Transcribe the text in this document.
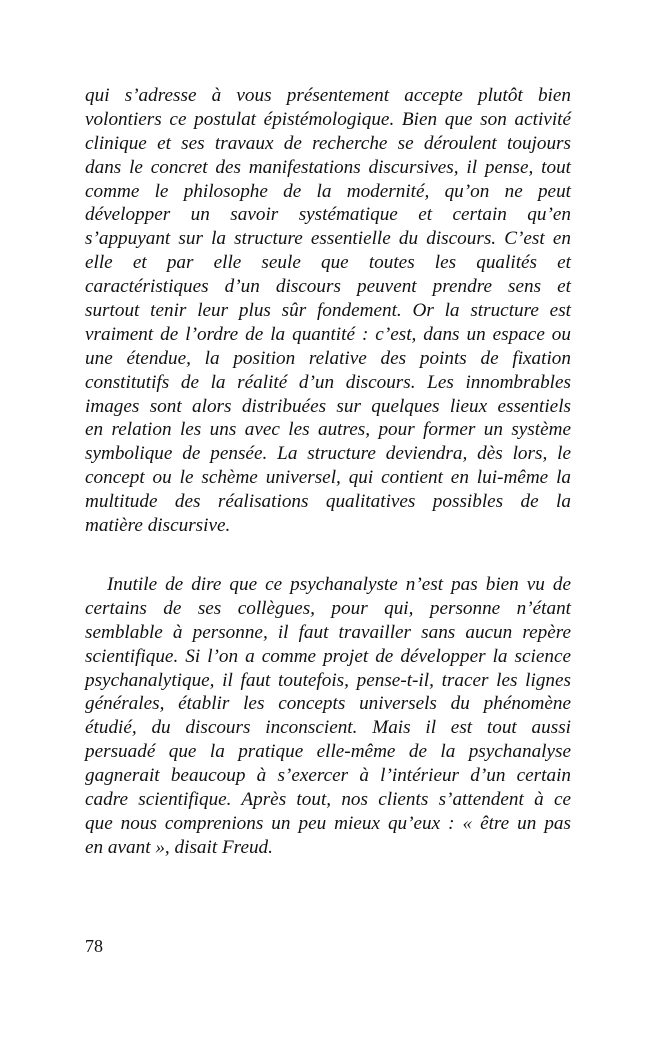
qui s’adresse à vous présentement accepte plutôt bien
volontiers ce postulat épistémologique. Bien que son activité
clinique et ses travaux de recherche se déroulent toujours
dans le concret des manifestations discursives, il pense, tout
comme le philosophe de la modernité, qu’on ne peut
développer un savoir systématique et certain qu’en
s’appuyant sur la structure essentielle du discours. C’est en
elle et par elle seule que toutes les qualités et
caractéristiques d’un discours peuvent prendre sens et
surtout tenir leur plus sûr fondement. Or la structure est
vraiment de l’ordre de la quantité : c’est, dans un espace ou
une étendue, la position relative des points de fixation
constitutifs de la réalité d’un discours. Les innombrables
images sont alors distribuées sur quelques lieux essentiels
en relation les uns avec les autres, pour former un système
symbolique de pensée. La structure deviendra, dès lors, le
concept ou le schème universel, qui contient en lui-même la
multitude des réalisations qualitatives possibles de la
matière discursive.
Inutile de dire que ce psychanalyste n’est pas bien vu de
certains de ses collègues, pour qui, personne n’étant
semblable à personne, il faut travailler sans aucun repère
scientifique. Si l’on a comme projet de développer la science
psychanalytique, il faut toutefois, pense-t-il, tracer les lignes
générales, établir les concepts universels du phénomène
étudié, du discours inconscient. Mais il est tout aussi
persuadé que la pratique elle-même de la psychanalyse
gagnerait beaucoup à s’exercer à l’intérieur d’un certain
cadre scientifique. Après tout, nos clients s’attendent à ce
que nous comprenions un peu mieux qu’eux : « être un pas
en avant », disait Freud.
78
